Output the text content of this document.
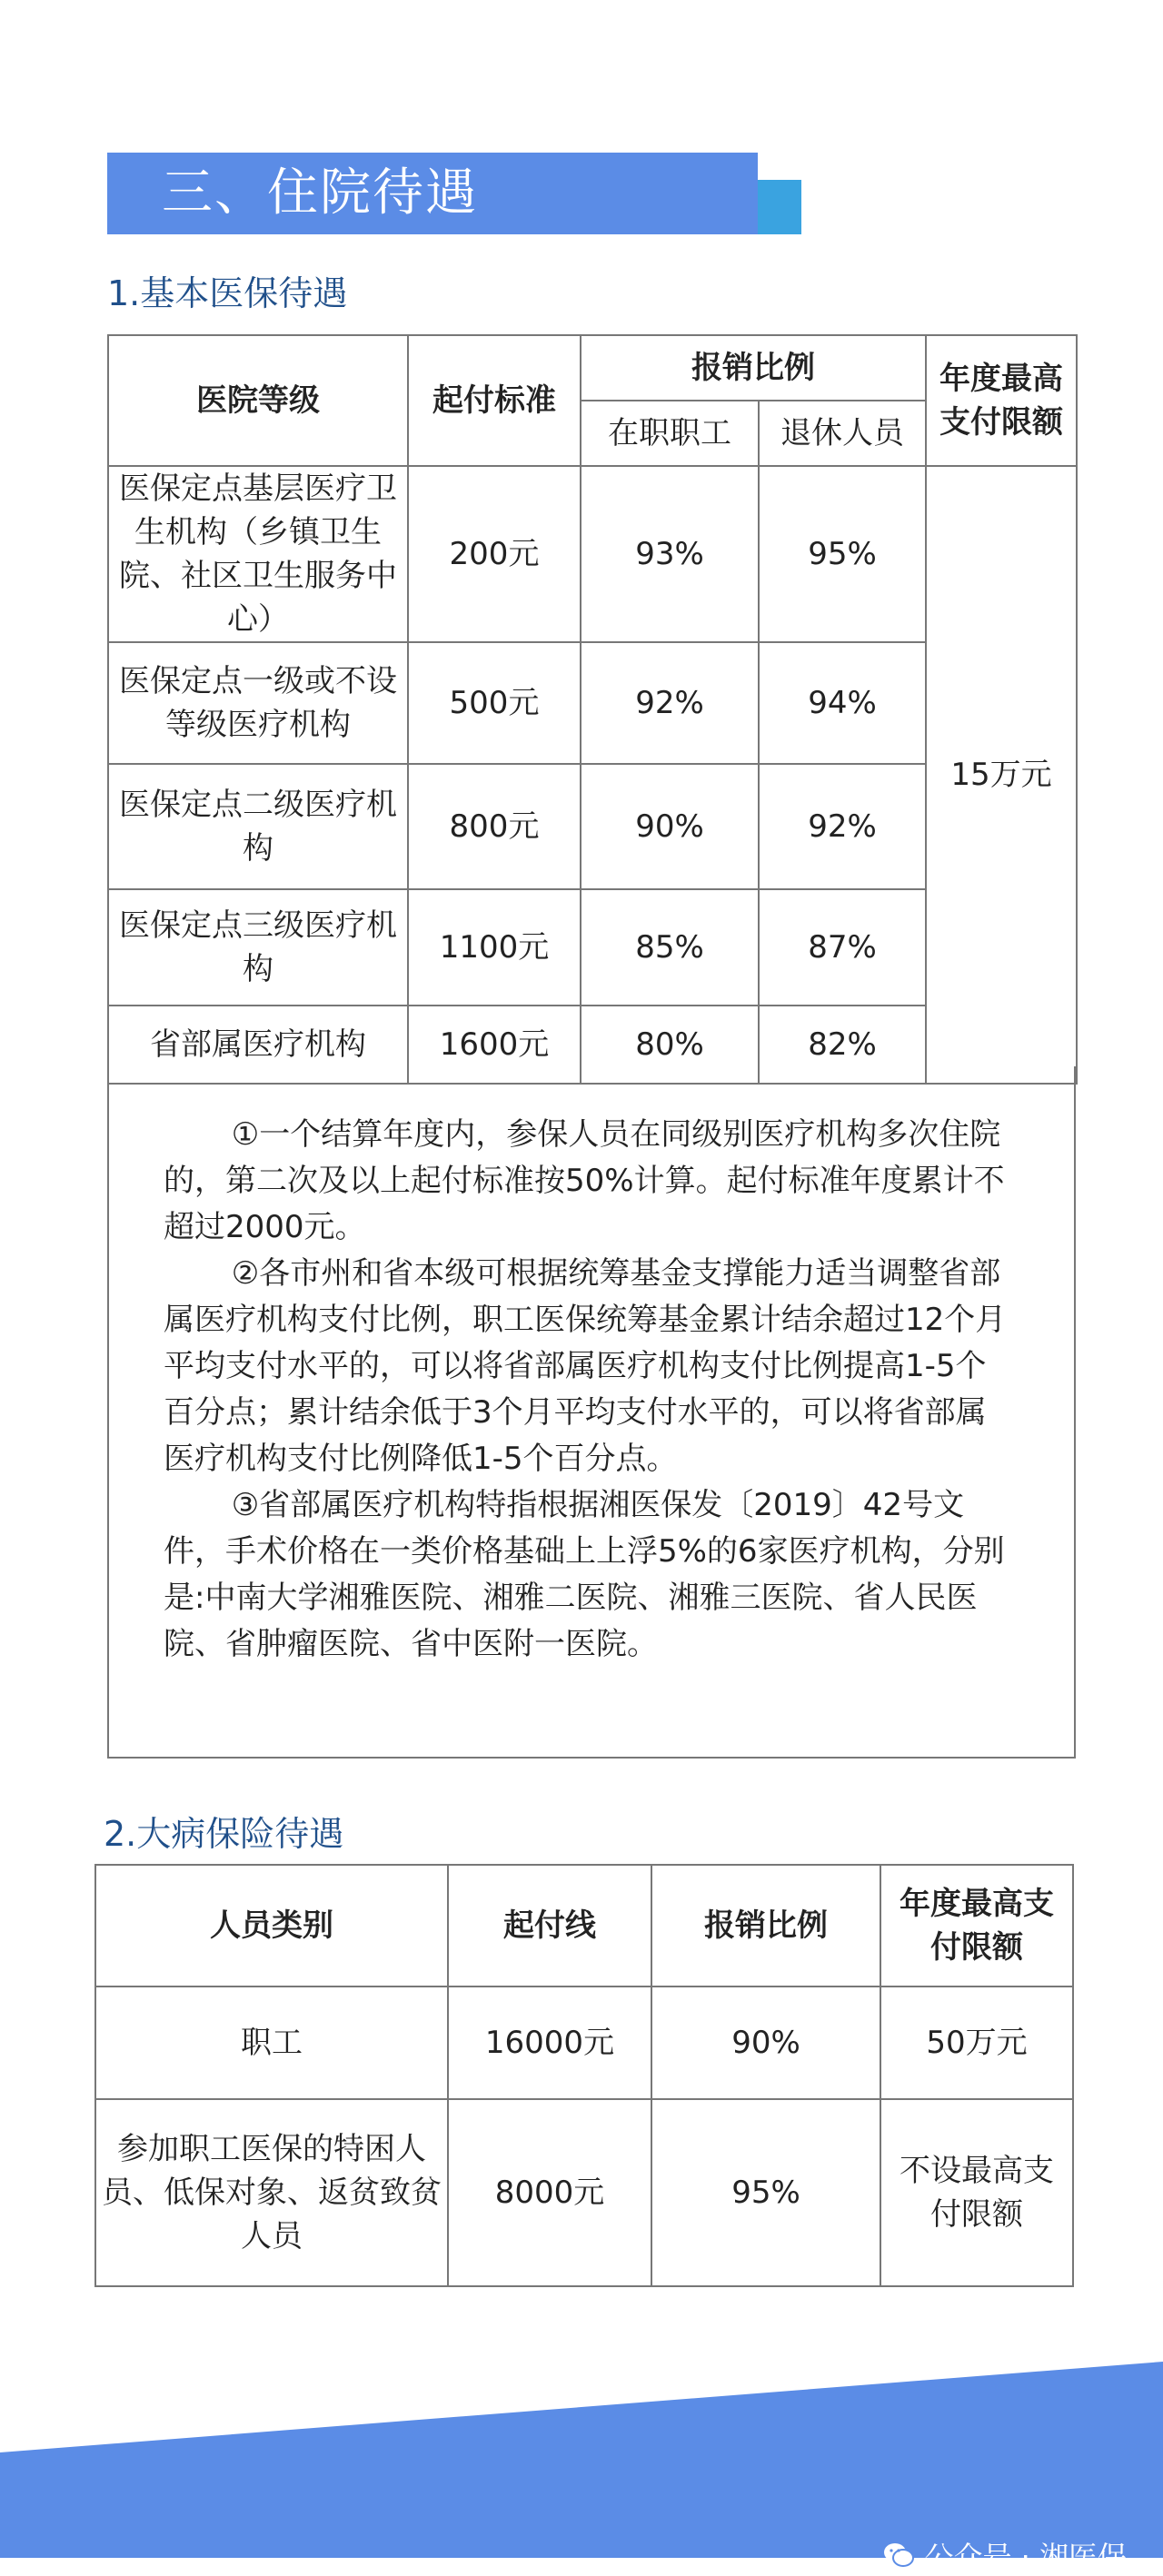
三、住院待遇
1.基本医保待遇
医院等级	起付标准	报销比例		年度最高支付限额
		在职职工	退休人员	
医保定点基层医疗卫生机构（乡镇卫生院、社区卫生服务中心）	200元	93%	95%	15万元
医保定点一级或不设等级医疗机构	500元	92%	94%	
医保定点二级医疗机构	800元	90%	92%	
医保定点三级医疗机构	1100元	85%	87%	
省部属医疗机构	1600元	80%	82%	

①一个结算年度内，参保人员在同级别医疗机构多次住院的，第二次及以上起付标准按50%计算。起付标准年度累计不超过2000元。

②各市州和省本级可根据统筹基金支撑能力适当调整省部属医疗机构支付比例，职工医保统筹基金累计结余超过12个月平均支付水平的，可以将省部属医疗机构支付比例提高1-5个百分点；累计结余低于3个月平均支付水平的，可以将省部属医疗机构支付比例降低1-5个百分点。

③省部属医疗机构特指根据湘医保发〔2019〕42号文件，手术价格在一类价格基础上上浮5%的6家医疗机构，分别是:中南大学湘雅医院、湘雅二医院、湘雅三医院、省人民医院、省肿瘤医院、省中医附一医院。

2.大病保险待遇
人员类别	起付线	报销比例	年度最高支付限额
职工	16000元	90%	50万元
参加职工医保的特困人员、低保对象、返贫致贫人员	8000元	95%	不设最高支付限额
公众号 · 湘医保
